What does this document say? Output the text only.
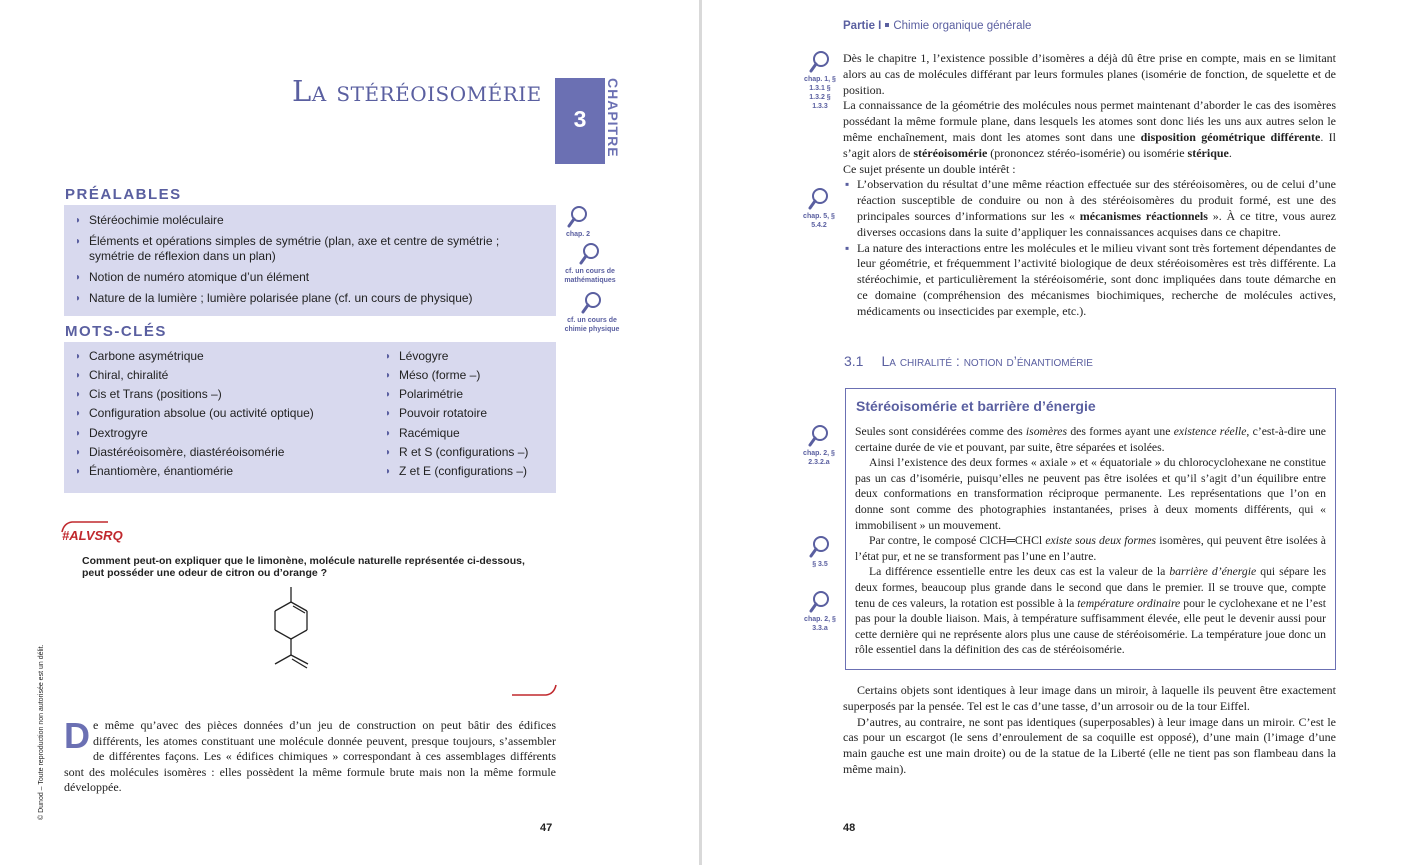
La stéréoisomérie
3	CHAPITRE
PRÉALABLES
◗ Stéréochimie moléculaire
◗ Éléments et opérations simples de symétrie (plan, axe et centre de symétrie ; symétrie de réflexion dans un plan)
◗ Notion de numéro atomique d’un élément
◗ Nature de la lumière ; lumière polarisée plane (cf. un cours de physique)
chap. 2
cf. un cours de mathématiques
cf. un cours de chimie physique
MOTS-CLÉS
◗ Carbone asymétrique
◗ Chiral, chiralité
◗ Cis et Trans (positions –)
◗ Configuration absolue (ou activité optique)
◗ Dextrogyre
◗ Diastéréoisomère, diastéréoisomérie
◗ Énantiomère, énantiomérie
◗ Lévogyre
◗ Méso (forme –)
◗ Polarimétrie
◗ Pouvoir rotatoire
◗ Racémique
◗ R et S (configurations –)
◗ Z et E (configurations –)
#ALVSRQ
Comment peut-on expliquer que le limonène, molécule naturelle représentée ci-dessous, peut posséder une odeur de citron ou d’orange ?
De même qu’avec des pièces données d’un jeu de construction on peut bâtir des édifices différents, les atomes constituant une molécule donnée peuvent, presque toujours, s’assembler de différentes façons. Les « édifices chimiques » correspondant à ces assemblages différents sont des molécules isomères : elles possèdent la même formule brute mais non la même formule développée.
© Dunod – Toute reproduction non autorisée est un délit.
47
Partie I Chimie organique générale
chap. 1, § 1.3.1 § 1.3.2 § 1.3.3
chap. 5, § 5.4.2
chap. 2, § 2.3.2.a
§ 3.5
chap. 2, § 3.3.a

Dès le chapitre 1, l’existence possible d’isomères a déjà dû être prise en compte, mais en se limitant alors au cas de molécules différant par leurs formules planes (isomérie de fonction, de squelette et de position.

La connaissance de la géométrie des molécules nous permet maintenant d’aborder le cas des isomères possédant la même formule plane, dans lesquels les atomes sont donc liés les uns aux autres selon le même enchaînement, mais dont les atomes sont dans une disposition géométrique différente. Il s’agit alors de stéréoisomérie (prononcez stéréo-isomérie) ou isomérie stérique.

Ce sujet présente un double intérêt :

▪ L’observation du résultat d’une même réaction effectuée sur des stéréoisomères, ou de celui d’une réaction susceptible de conduire ou non à des stéréoisomères du produit formé, est une des principales sources d’informations sur les « mécanismes réactionnels ». À ce titre, vous aurez diverses occasions dans la suite d’appliquer les connaissances acquises dans ce chapitre.
▪ La nature des interactions entre les molécules et le milieu vivant sont très fortement dépendantes de leur géométrie, et fréquemment l’activité biologique de deux stéréoisomères est très différente. La stéréochimie, et particulièrement la stéréoisomérie, sont donc impliquées dans toute démarche en ce domaine (compréhension des mécanismes biochimiques, recherche de molécules actives, médicaments ou insecticides par exemple, etc.).
3.1 La chiralité : notion d’énantiomérie
Stéréoisomérie et barrière d’énergie

Seules sont considérées comme des isomères des formes ayant une existence réelle, c’est-à-dire une certaine durée de vie et pouvant, par suite, être séparées et isolées.

Ainsi l’existence des deux formes « axiale » et « équatoriale » du chlorocyclohexane ne constitue pas un cas d’isomérie, puisqu’elles ne peuvent pas être isolées et qu’il s’agit d’un équilibre entre deux conformations en transformation réciproque permanente. Les représentations que l’on en donne sont comme des photographies instantanées, prises à deux moments différents, qui « immobilisent » un mouvement.

Par contre, le composé ClCH═CHCl existe sous deux formes isomères, qui peuvent être isolées à l’état pur, et ne se transforment pas l’une en l’autre.

La différence essentielle entre les deux cas est la valeur de la barrière d’énergie qui sépare les deux formes, beaucoup plus grande dans le second que dans le premier. Il se trouve que, compte tenu de ces valeurs, la rotation est possible à la température ordinaire pour le cyclohexane et ne l’est pas pour la double liaison. Mais, à température suffisamment élevée, elle peut le devenir aussi pour cette dernière qui ne représente alors plus une cause de stéréoisomérie. La température joue donc un rôle essentiel dans la définition des cas de stéréoisomérie.

Certains objets sont identiques à leur image dans un miroir, à laquelle ils peuvent être exactement superposés par la pensée. Tel est le cas d’une tasse, d’un arrosoir ou de la tour Eiffel.

D’autres, au contraire, ne sont pas identiques (superposables) à leur image dans un miroir. C’est le cas pour un escargot (le sens d’enroulement de sa coquille est opposé), d’une main (l’image d’une main gauche est une main droite) ou de la statue de la Liberté (elle ne tient pas son flambeau dans la même main).

48
